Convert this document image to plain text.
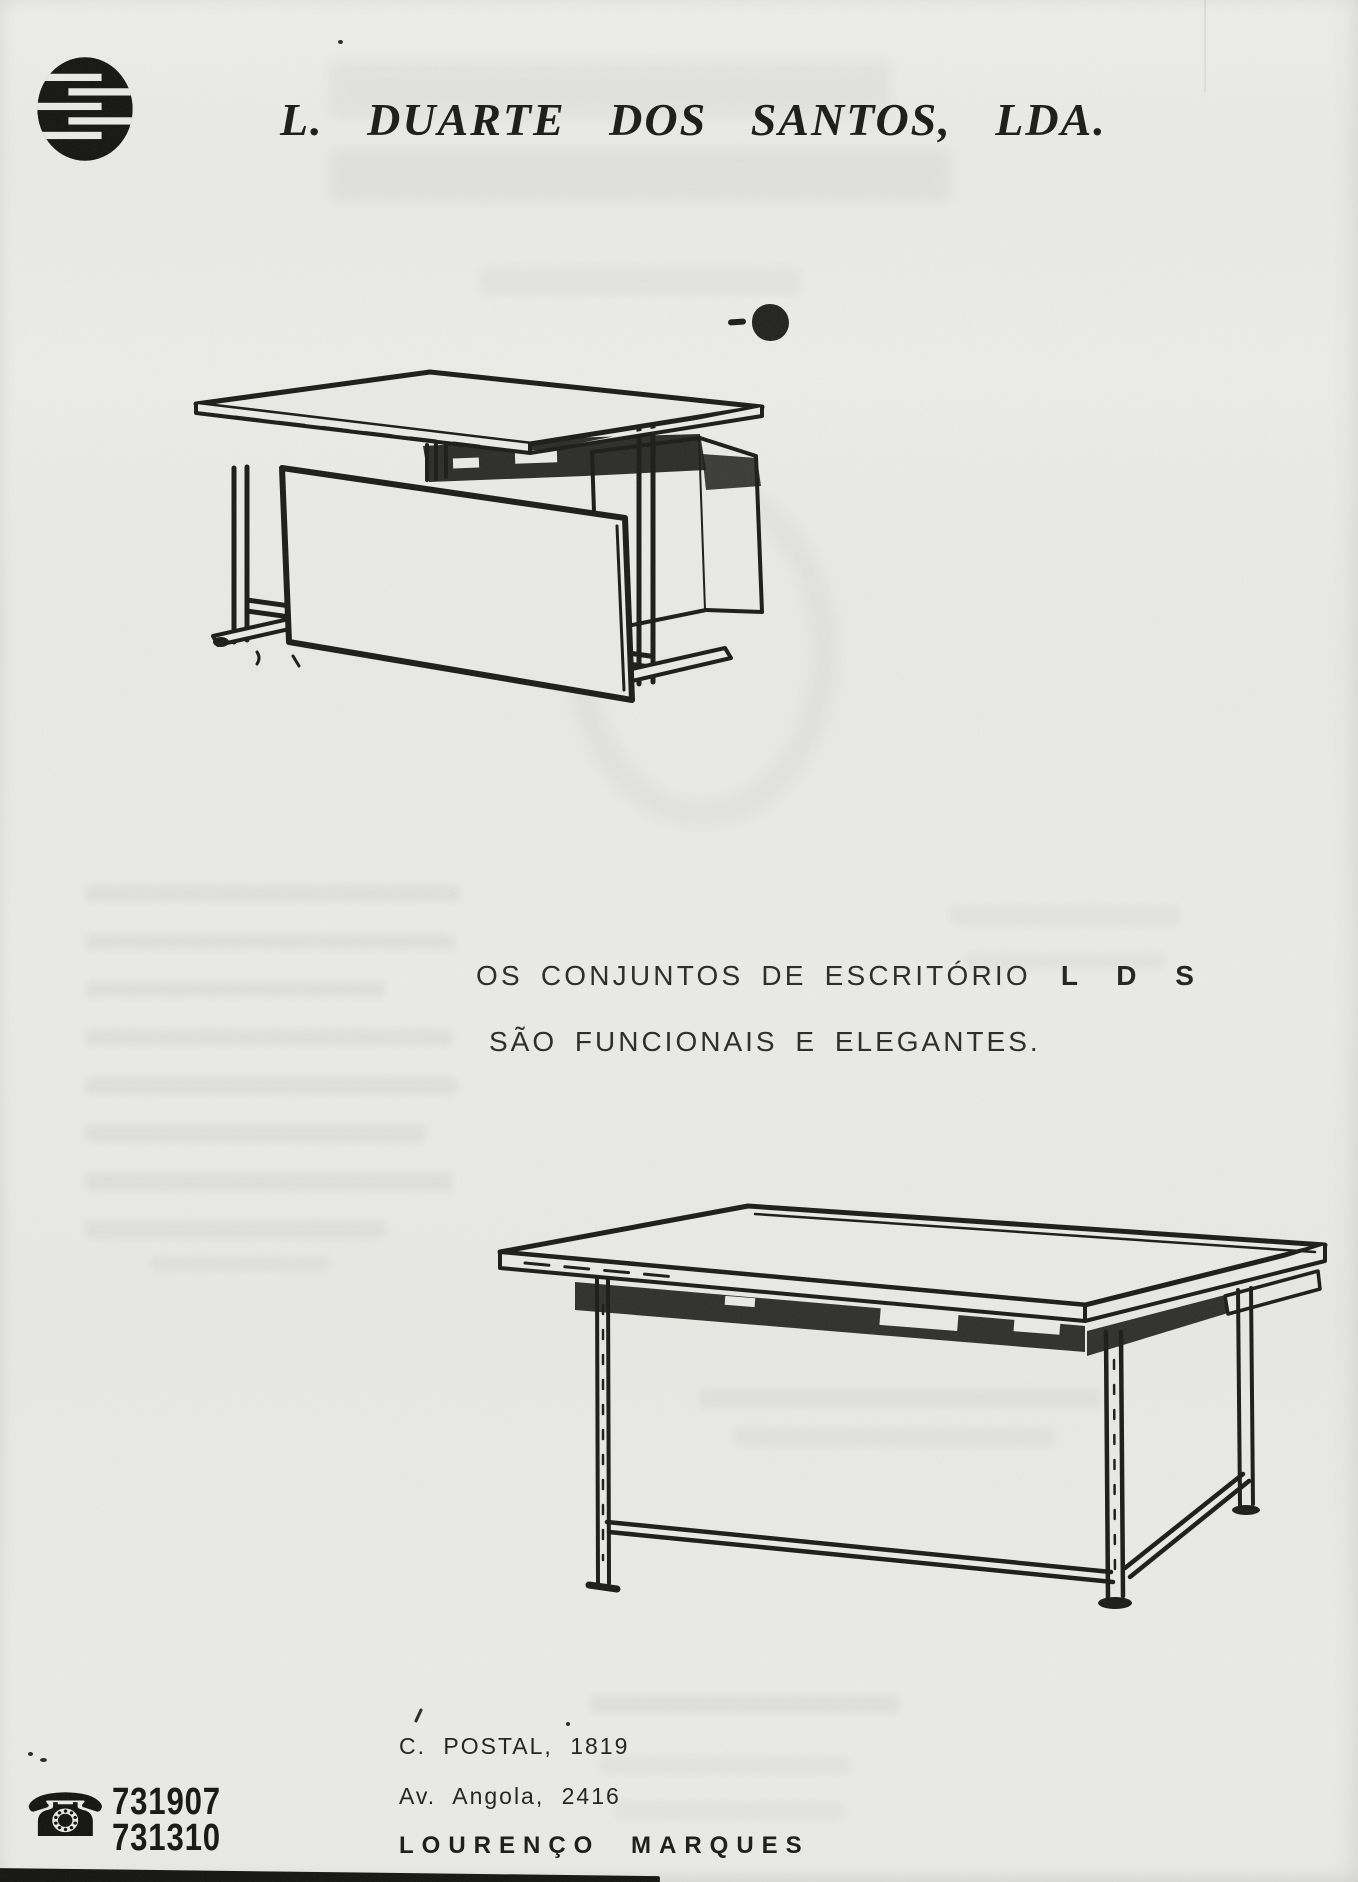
L. DUARTE DOS SANTOS, LDA.
OS CONJUNTOS DE ESCRITÓRIO L D S
SÃO FUNCIONAIS E ELEGANTES.
☎ 731907
731310
C. POSTAL, 1819
Av. Angola, 2416
LOURENÇO MARQUES
